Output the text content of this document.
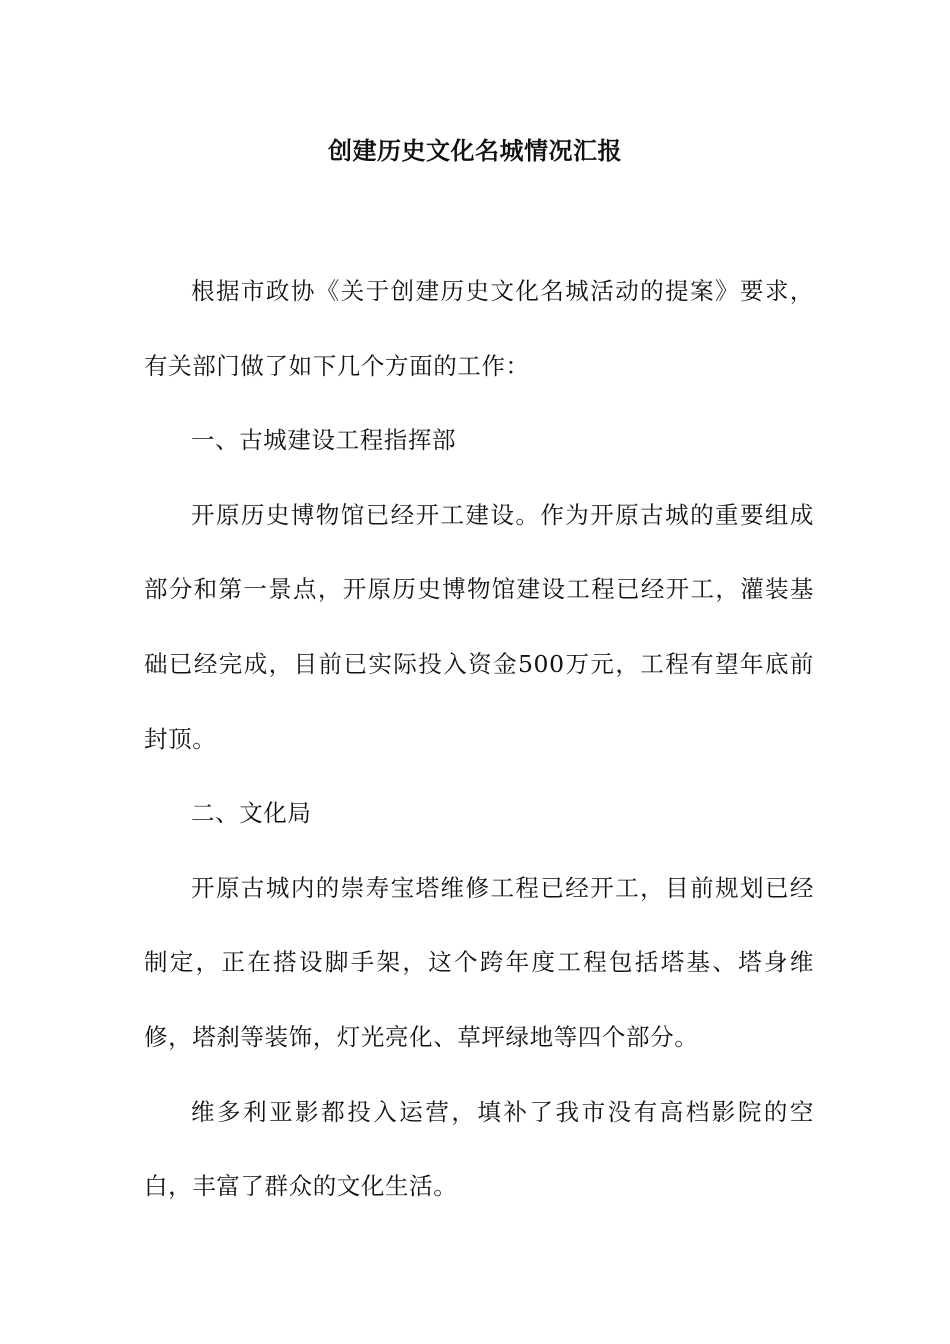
创建历史文化名城情况汇报

根据市政协《关于创建历史文化名城活动的提案》要求，有关部门做了如下几个方面的工作：

一、古城建设工程指挥部

开原历史博物馆已经开工建设。作为开原古城的重要组成部分和第一景点，开原历史博物馆建设工程已经开工，灌装基础已经完成，目前已实际投入资金500万元，工程有望年底前封顶。

二、文化局

开原古城内的崇寿宝塔维修工程已经开工，目前规划已经制定，正在搭设脚手架，这个跨年度工程包括塔基、塔身维修，塔刹等装饰，灯光亮化、草坪绿地等四个部分。

维多利亚影都投入运营，填补了我市没有高档影院的空白，丰富了群众的文化生活。
